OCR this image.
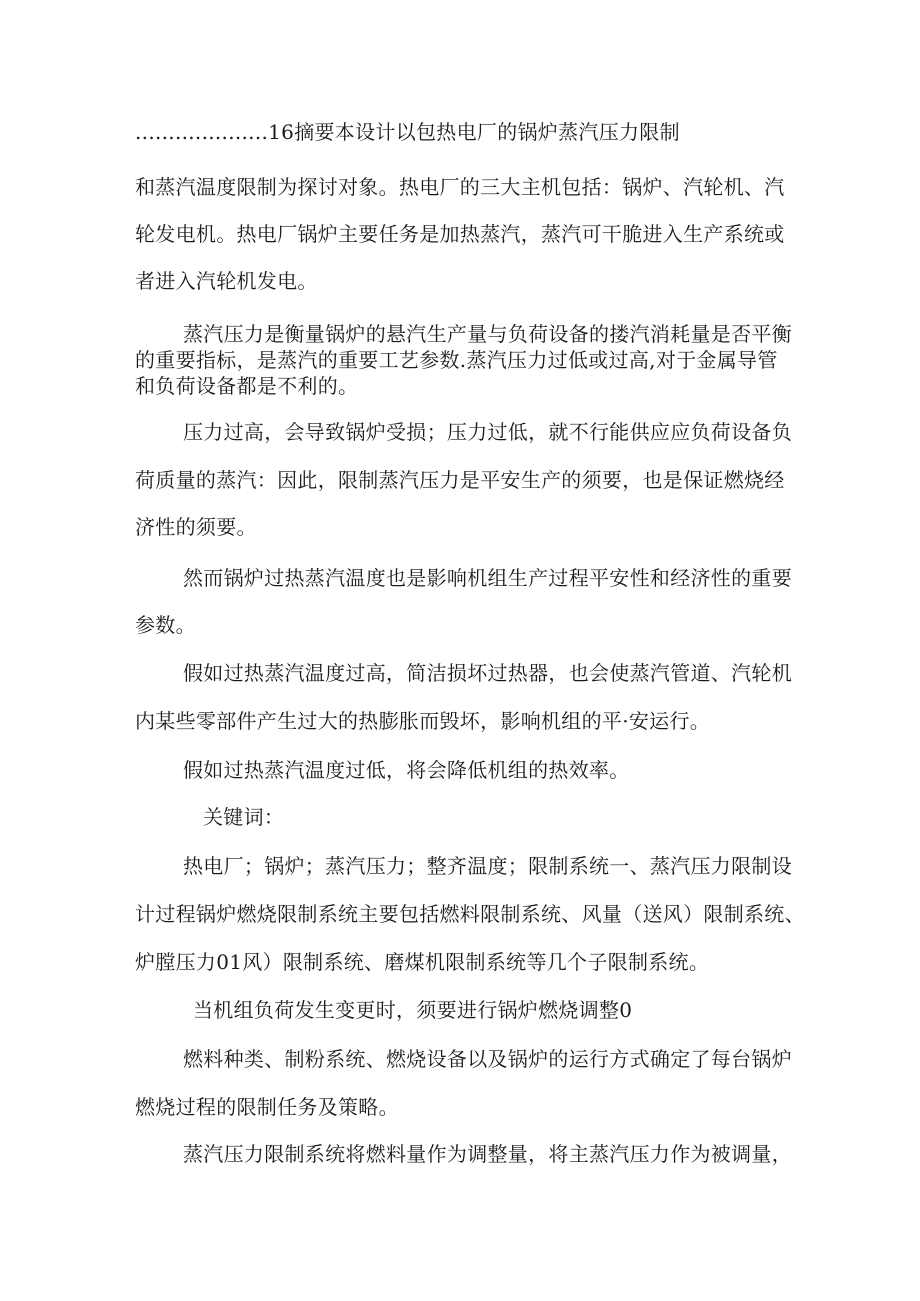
....................16摘要本设计以包热电厂的锅炉蒸汽压力限制
和蒸汽温度限制为探讨对象。热电厂的三大主机包括：锅炉、汽轮机、汽
轮发电机。热电厂锅炉主要任务是加热蒸汽，蒸汽可干脆进入生产系统或
者进入汽轮机发电。
蒸汽压力是衡量锅炉的悬汽生产量与负荷设备的搂汽消耗量是否平衡
的重要指标，是蒸汽的重要工艺参数.蒸汽压力过低或过高,对于金属导管
和负荷设备都是不利的。
压力过高，会导致锅炉受损；压力过低，就不行能供应应负荷设备负
荷质量的蒸汽：因此，限制蒸汽压力是平安生产的须要，也是保证燃烧经
济性的须要。
然而锅炉过热蒸汽温度也是影响机组生产过程平安性和经济性的重要
参数。
假如过热蒸汽温度过高，简洁损坏过热器，也会使蒸汽管道、汽轮机
内某些零部件产生过大的热膨胀而毁坏，影响机组的平·安运行。
假如过热蒸汽温度过低，将会降低机组的热效率。
关键词：
热电厂；锅炉；蒸汽压力；整齐温度；限制系统一、蒸汽压力限制设
计过程锅炉燃烧限制系统主要包括燃料限制系统、风量（送风）限制系统、
炉膛压力01风）限制系统、磨煤机限制系统等几个子限制系统。
当机组负荷发生变更时，须要进行锅炉燃烧调整0
燃料种类、制粉系统、燃烧设备以及锅炉的运行方式确定了每台锅炉
燃烧过程的限制任务及策略。
蒸汽压力限制系统将燃料量作为调整量，将主蒸汽压力作为被调量，
